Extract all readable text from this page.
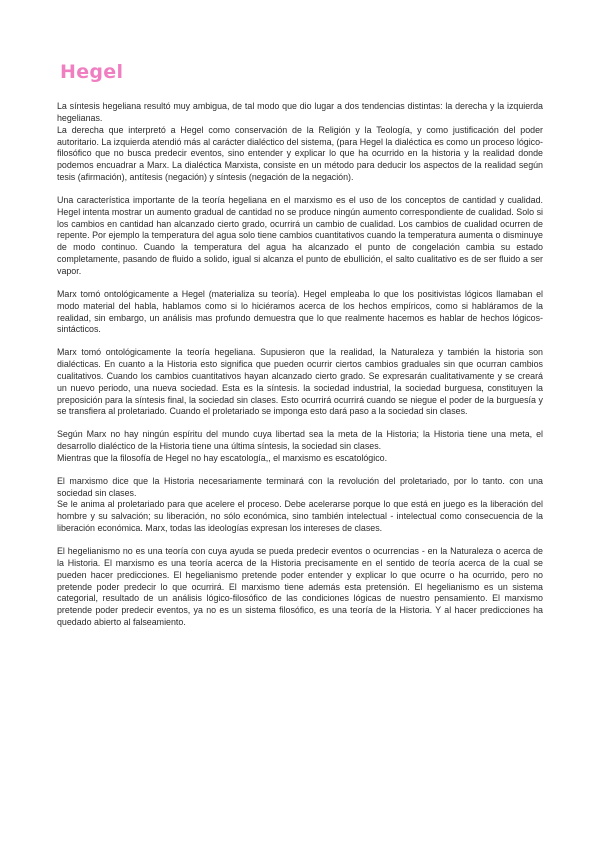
Hegel

La síntesis hegeliana resultó muy ambigua, de tal modo que dio lugar a dos tendencias distintas: la derecha y la izquierda hegelianas.
La derecha que interpretó a Hegel como conservación de la Religión y la Teología, y como justificación del poder autoritario. La izquierda atendió más al carácter dialéctico del sistema, (para Hegel la dialéctica es como un proceso lógico-filosófico que no busca predecir eventos, sino entender y explicar lo que ha ocurrido en la historia y la realidad donde podemos encuadrar a Marx. La dialéctica Marxista, consiste en un método para deducir los aspectos de la realidad según tesis (afirmación), antítesis (negación) y síntesis (negación de la negación).

Una característica importante de la teoría hegeliana en el marxismo es el uso de los conceptos de cantidad y cualidad. Hegel intenta mostrar un aumento gradual de cantidad no se produce ningún aumento correspondiente de cualidad. Solo si los cambios en cantidad han alcanzado cierto grado, ocurrirá un cambio de cualidad. Los cambios de cualidad ocurren de repente. Por ejemplo la temperatura del agua solo tiene cambios cuantitativos cuando la temperatura aumenta o disminuye de modo continuo. Cuando la temperatura del agua ha alcanzado el punto de congelación cambia su estado completamente, pasando de fluido a solido, igual si alcanza el punto de ebullición, el salto cualitativo es de ser fluido a ser vapor.

Marx tomó ontológicamente a Hegel (materializa su teoría). Hegel empleaba lo que los positivistas lógicos llamaban el modo material del habla, hablamos como si lo hiciéramos acerca de los hechos empíricos, como si habláramos de la realidad, sin embargo, un análisis mas profundo demuestra que lo que realmente hacemos es hablar de hechos lógicos-sintácticos.

Marx tomó ontológicamente la teoría hegeliana. Supusieron que la realidad, la Naturaleza y también la historia son dialécticas. En cuanto a la Historia esto significa que pueden ocurrir ciertos cambios graduales sin que ocurran cambios cualitativos. Cuando los cambios cuantitativos hayan alcanzado cierto grado. Se expresarán cualitativamente y se creará un nuevo periodo, una nueva sociedad. Esta es la síntesis. la sociedad industrial, la sociedad burguesa, constituyen la preposición para la síntesis final, la sociedad sin clases. Esto ocurrirá ocurrirá cuando se niegue el poder de la burguesía y se transfiera al proletariado. Cuando el proletariado se imponga esto dará paso a la sociedad sin clases.

Según Marx no hay ningún espíritu del mundo cuya libertad sea la meta de la Historia; la Historia tiene una meta, el desarrollo dialéctico de la Historia tiene una última síntesis, la sociedad sin clases.
Mientras que la filosofía de Hegel no hay escatología,, el marxismo es escatológico.

El marxismo dice que la Historia necesariamente terminará con la revolución del proletariado, por lo tanto. con una sociedad sin clases.
Se le anima al proletariado para que acelere el proceso. Debe acelerarse porque lo que está en juego es la liberación del hombre y su salvación; su liberación, no sólo económica, sino también intelectual - intelectual como consecuencia de la liberación económica. Marx, todas las ideologías expresan los intereses de clases.

El hegelianismo no es una teoría con cuya ayuda se pueda predecir eventos o ocurrencias - en la Naturaleza o acerca de la Historia. El marxismo es una teoría acerca de la Historia precisamente en el sentido de teoría acerca de la cual se pueden hacer predicciones. El hegelianismo pretende poder entender y explicar lo que ocurre o ha ocurrido, pero no pretende poder predecir lo que ocurrirá. El marxismo tiene además esta pretensión. El hegelianismo es un sistema categorial, resultado de un análisis lógico-filosófico de las condiciones lógicas de nuestro pensamiento. El marxismo pretende poder predecir eventos, ya no es un sistema filosófico, es una teoría de la Historia. Y al hacer predicciones ha quedado abierto al falseamiento.
